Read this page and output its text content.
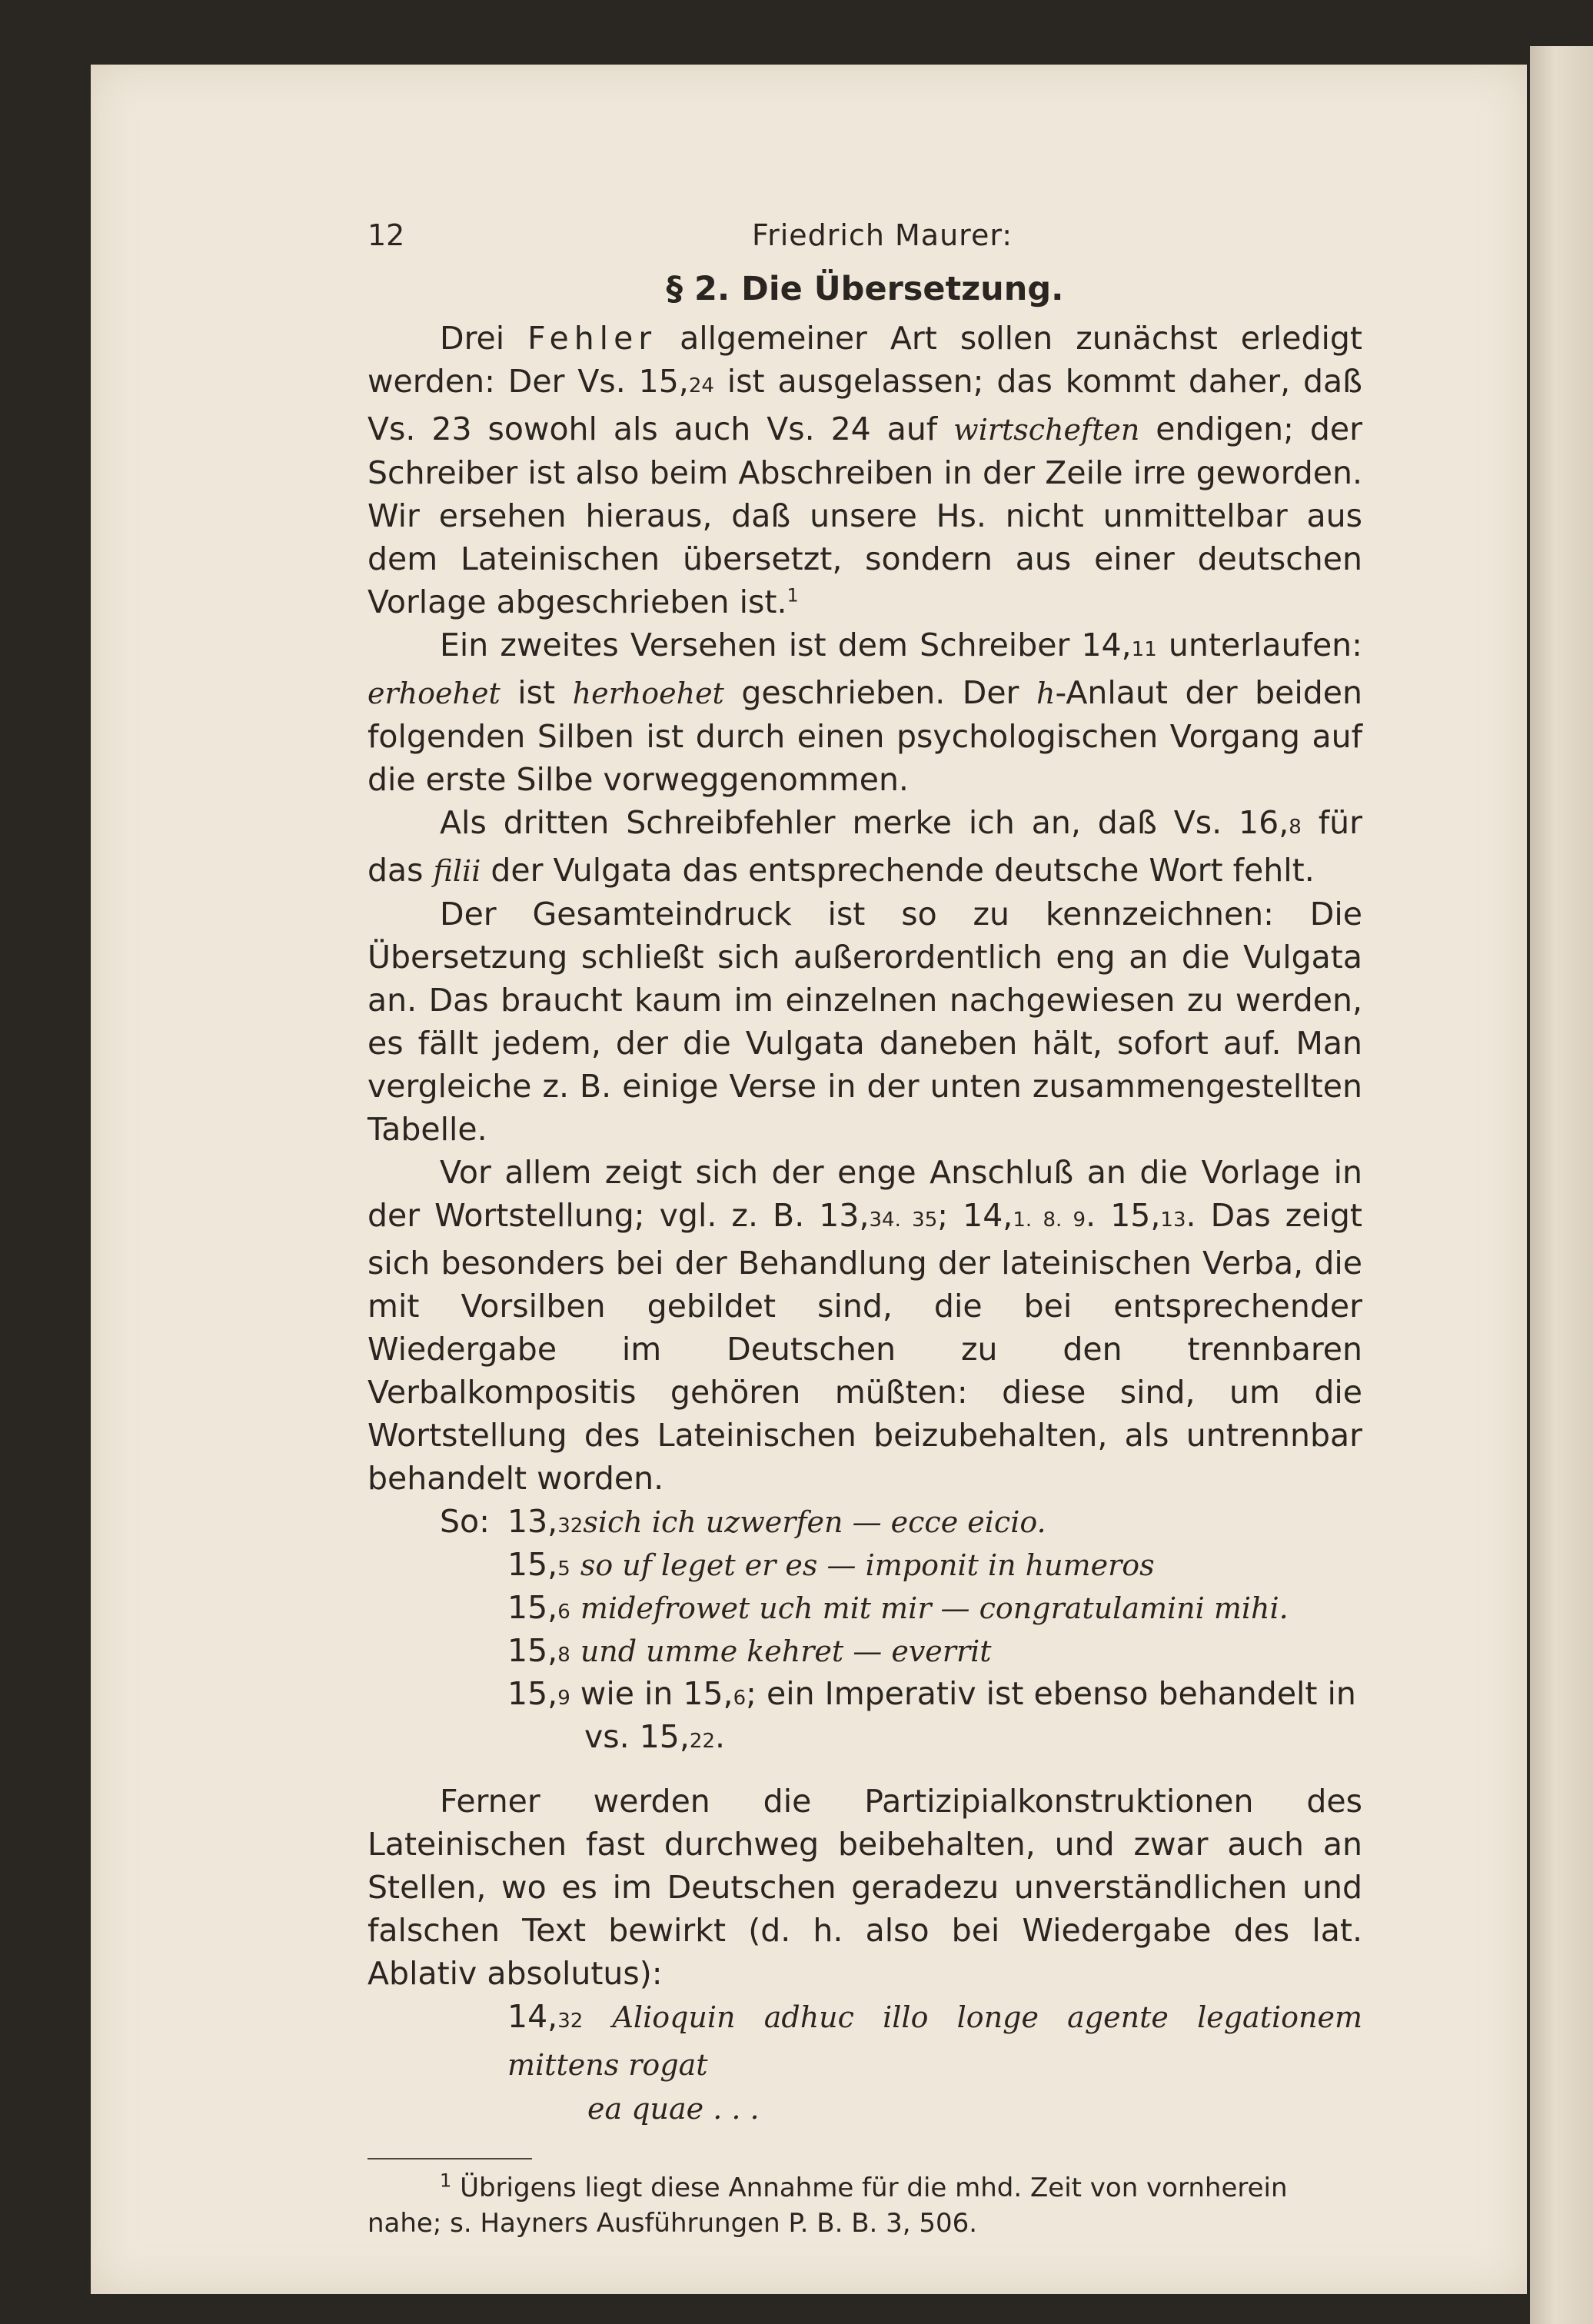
12	Friedrich Maurer:
§ 2. Die Übersetzung.

Drei Fehler allgemeiner Art sollen zunächst erledigt werden: Der Vs. 15,24 ist ausgelassen; das kommt daher, daß Vs. 23 sowohl als auch Vs. 24 auf wirtscheften endigen; der Schreiber ist also beim Abschreiben in der Zeile irre geworden. Wir ersehen hieraus, daß unsere Hs. nicht unmittelbar aus dem Lateinischen übersetzt, sondern aus einer deutschen Vorlage abgeschrieben ist.$^1$

Ein zweites Versehen ist dem Schreiber 14,11 unterlaufen: erhoehet ist herhoehet geschrieben. Der h-Anlaut der beiden folgenden Silben ist durch einen psychologischen Vorgang auf die erste Silbe vorweggenommen.

Als dritten Schreibfehler merke ich an, daß Vs. 16,8 für das filii der Vulgata das entsprechende deutsche Wort fehlt.

Der Gesamteindruck ist so zu kennzeichnen: Die Übersetzung schließt sich außerordentlich eng an die Vulgata an. Das braucht kaum im einzelnen nachgewiesen zu werden, es fällt jedem, der die Vulgata daneben hält, sofort auf. Man vergleiche z. B. einige Verse in der unten zusammengestellten Tabelle.

Vor allem zeigt sich der enge Anschluß an die Vorlage in der Wortstellung; vgl. z. B. 13,34. 35; 14,1. 8. 9. 15,13. Das zeigt sich besonders bei der Behandlung der lateinischen Verba, die mit Vorsilben gebildet sind, die bei entsprechender Wiedergabe im Deutschen zu den trennbaren Verbalkompositis gehören müßten: diese sind, um die Wortstellung des Lateinischen beizubehalten, als untrennbar behandelt worden.

So: 13,32sich ich uzwerfen — ecce eicio.
15,5 so uf leget er es — imponit in humeros
15,6 midefrowet uch mit mir — congratulamini mihi.
15,8 und umme kehret — everrit
15,9 wie in 15,6; ein Imperativ ist ebenso behandelt in
vs. 15,22.

Ferner werden die Partizipialkonstruktionen des Lateinischen fast durchweg beibehalten, und zwar auch an Stellen, wo es im Deutschen geradezu unverständlichen und falschen Text bewirkt (d. h. also bei Wiedergabe des lat. Ablativ absolutus):

14,32 Alioquin adhuc illo longe agente legationem mittens rogat

ea quae . . .

$^1$ Übrigens liegt diese Annahme für die mhd. Zeit von vornherein

nahe; s. Hayners Ausführungen P. B. B. 3, 506.
